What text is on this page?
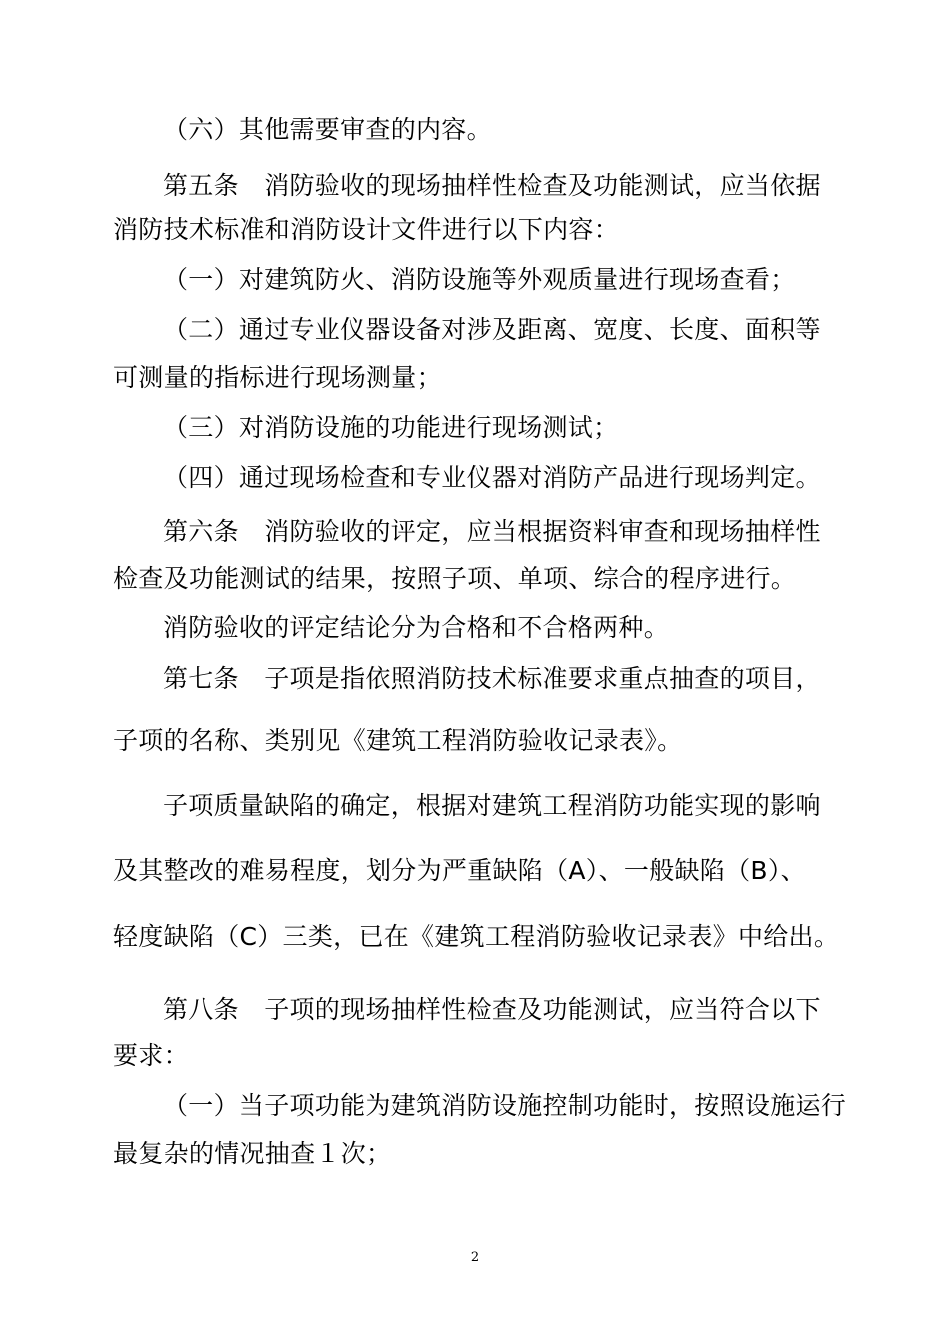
（六）其他需要审查的内容。
第五条　消防验收的现场抽样性检查及功能测试，应当依据
消防技术标准和消防设计文件进行以下内容：
（一）对建筑防火、消防设施等外观质量进行现场查看；
（二）通过专业仪器设备对涉及距离、宽度、长度、面积等
可测量的指标进行现场测量；
（三）对消防设施的功能进行现场测试；
（四）通过现场检查和专业仪器对消防产品进行现场判定。
第六条　消防验收的评定，应当根据资料审查和现场抽样性
检查及功能测试的结果，按照子项、单项、综合的程序进行。
消防验收的评定结论分为合格和不合格两种。
第七条　子项是指依照消防技术标准要求重点抽查的项目，
子项的名称、类别见《建筑工程消防验收记录表》。
子项质量缺陷的确定，根据对建筑工程消防功能实现的影响
及其整改的难易程度，划分为严重缺陷（A）、一般缺陷（B）、
轻度缺陷（C）三类，已在《建筑工程消防验收记录表》中给出。
第八条　子项的现场抽样性检查及功能测试，应当符合以下
要求：
（一）当子项功能为建筑消防设施控制功能时，按照设施运行
最复杂的情况抽查１次；
2
